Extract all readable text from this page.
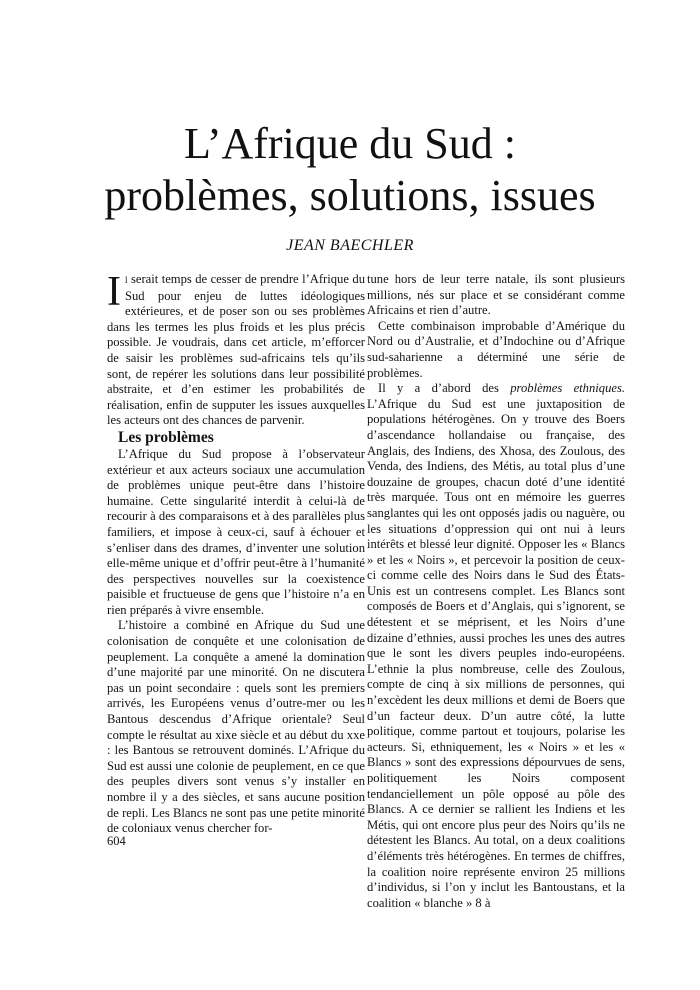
L’Afrique du Sud :
problèmes, solutions, issues

JEAN BAECHLER

Il serait temps de cesser de prendre l’Afrique du Sud pour enjeu de luttes idéologiques extérieures, et de poser son ou ses problèmes dans les termes les plus froids et les plus précis possible. Je voudrais, dans cet article, m’efforcer de saisir les problèmes sud-africains tels qu’ils sont, de repérer les solutions dans leur possibilité abstraite, et d’en estimer les probabilités de réalisation, enfin de supputer les issues auxquelles les acteurs ont des chances de parvenir.

Les problèmes

L’Afrique du Sud propose à l’observateur extérieur et aux acteurs sociaux une accumulation de problèmes unique peut-être dans l’histoire humaine. Cette singularité interdit à celui-là de recourir à des comparaisons et à des parallèles plus familiers, et impose à ceux-ci, sauf à échouer et s’enliser dans des drames, d’inventer une solution elle-même unique et d’offrir peut-être à l’humanité des perspectives nouvelles sur la coexistence paisible et fructueuse de gens que l’histoire n’a en rien préparés à vivre ensemble.

L’histoire a combiné en Afrique du Sud une colonisation de conquête et une colonisation de peuplement. La conquête a amené la domination d’une majorité par une minorité. On ne discutera pas un point secondaire : quels sont les premiers arrivés, les Européens venus d’outre-mer ou les Bantous descendus d’Afrique orientale? Seul compte le résultat au xixe siècle et au début du xxe : les Bantous se retrouvent dominés. L’Afrique du Sud est aussi une colonie de peuplement, en ce que des peuples divers sont venus s’y installer en nombre il y a des siècles, et sans aucune position de repli. Les Blancs ne sont pas une petite minorité de coloniaux venus chercher for-

tune hors de leur terre natale, ils sont plusieurs millions, nés sur place et se considérant comme Africains et rien d’autre.

Cette combinaison improbable d’Amérique du Nord ou d’Australie, et d’Indochine ou d’Afrique sud-saharienne a déterminé une série de problèmes.

Il y a d’abord des problèmes ethniques. L’Afrique du Sud est une juxtaposition de populations hétérogènes. On y trouve des Boers d’ascendance hollandaise ou française, des Anglais, des Indiens, des Xhosa, des Zoulous, des Venda, des Indiens, des Métis, au total plus d’une douzaine de groupes, chacun doté d’une identité très marquée. Tous ont en mémoire les guerres sanglantes qui les ont opposés jadis ou naguère, ou les situations d’oppression qui ont nui à leurs intérêts et blessé leur dignité. Opposer les « Blancs » et les « Noirs », et percevoir la position de ceux-ci comme celle des Noirs dans le Sud des États-Unis est un contresens complet. Les Blancs sont composés de Boers et d’Anglais, qui s’ignorent, se détestent et se méprisent, et les Noirs d’une dizaine d’ethnies, aussi proches les unes des autres que le sont les divers peuples indo-européens. L’ethnie la plus nombreuse, celle des Zoulous, compte de cinq à six millions de personnes, qui n’excèdent les deux millions et demi de Boers que d’un facteur deux. D’un autre côté, la lutte politique, comme partout et toujours, polarise les acteurs. Si, ethniquement, les « Noirs » et les « Blancs » sont des expressions dépourvues de sens, politiquement les Noirs composent tendanciellement un pôle opposé au pôle des Blancs. A ce dernier se rallient les Indiens et les Métis, qui ont encore plus peur des Noirs qu’ils ne détestent les Blancs. Au total, on a deux coalitions d’éléments très hétérogènes. En termes de chiffres, la coalition noire représente environ 25 millions d’individus, si l’on y inclut les Bantoustans, et la coalition « blanche » 8 à

604
